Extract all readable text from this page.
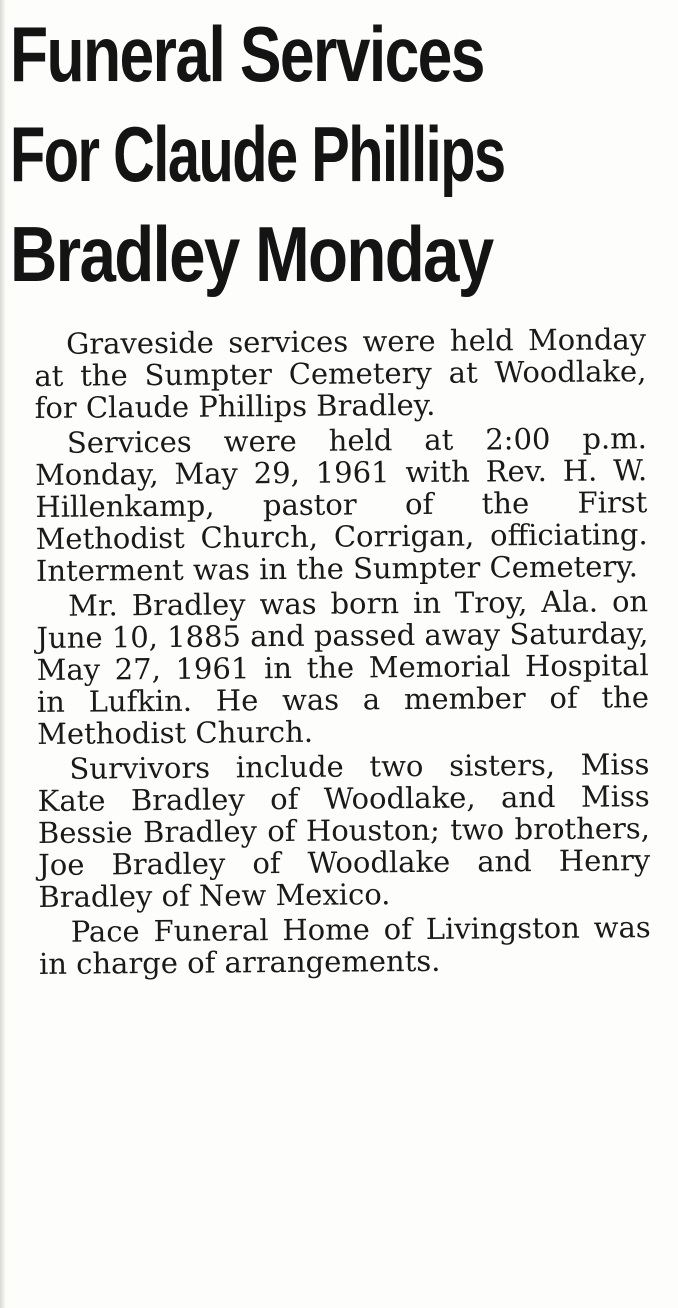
Funeral Services
For Claude Phillips
Bradley Monday

Graveside services were held Monday at the Sumpter Cemetery at Woodlake, for Claude Phillips Bradley.

Services were held at 2:00 p.m. Monday, May 29, 1961 with Rev. H. W. Hillenkamp, pastor of the First Methodist Church, Corrigan, officiating. Interment was in the Sumpter Cemetery.

Mr. Bradley was born in Troy, Ala. on June 10, 1885 and passed away Saturday, May 27, 1961 in the Memorial Hospital in Lufkin. He was a member of the Methodist Church.

Survivors include two sisters, Miss Kate Bradley of Woodlake, and Miss Bessie Bradley of Houston; two brothers, Joe Bradley of Woodlake and Henry Bradley of New Mexico.

Pace Funeral Home of Livingston was in charge of arrangements.
